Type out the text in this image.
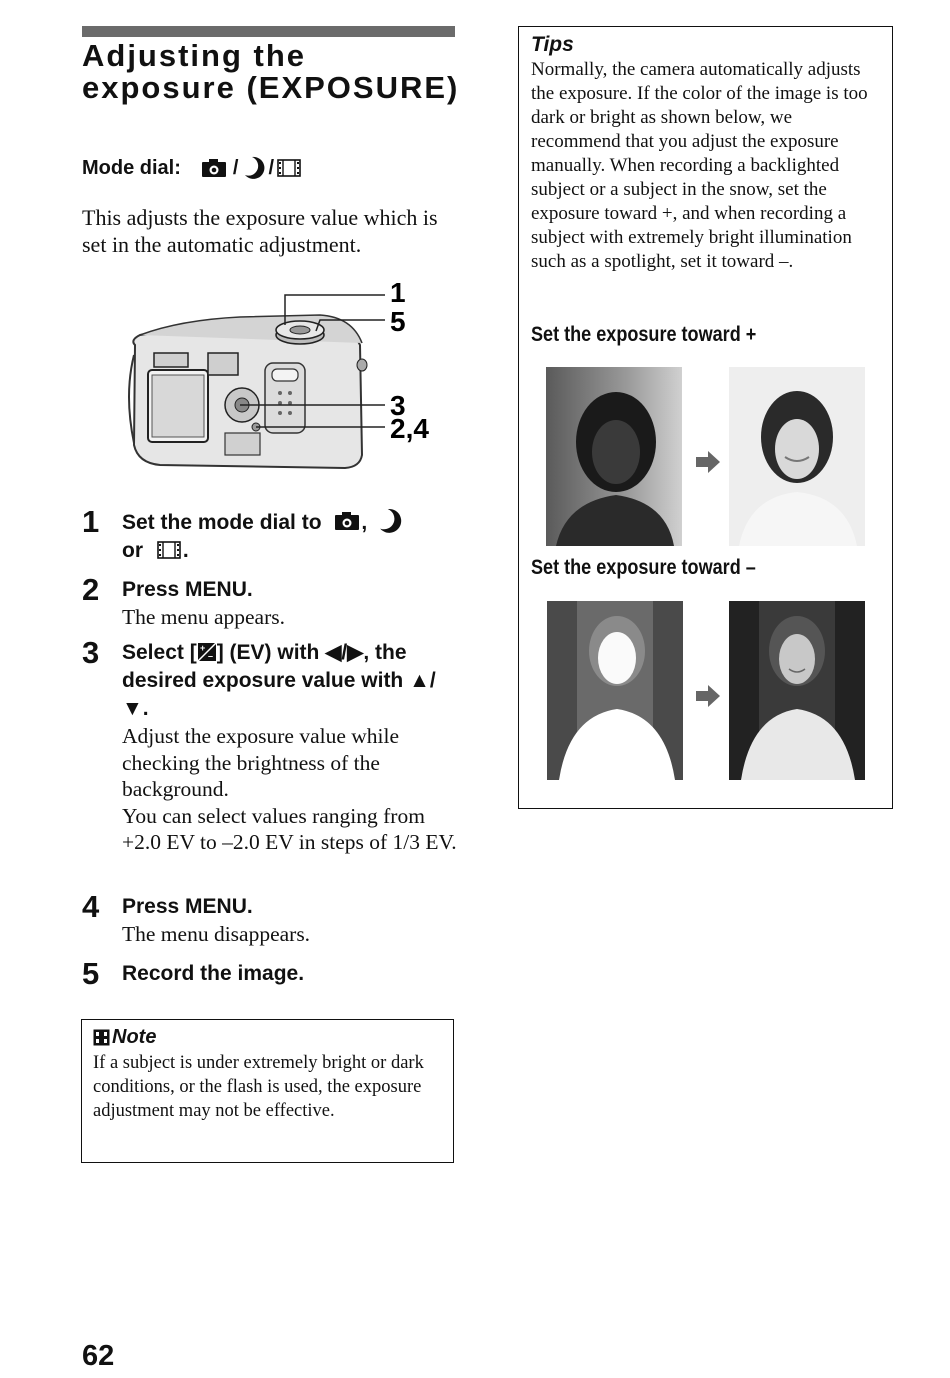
Adjusting the exposure (EXPOSURE)
Mode dial:	/ /
This adjusts the exposure value which is set in the automatic adjustment.
1
5
3
2,4
1 Set the mode dial to ,
or .
2 Press MENU.
The menu appears.
3 Select [ +
– ] (EV) with ◀/▶, the desired exposure value with ▲/▼.
Adjust the exposure value while checking the brightness of the background.
You can select values ranging from +2.0 EV to –2.0 EV in steps of 1/3 EV.
4 Press MENU.
The menu disappears.
5 Record the image.
Note
If a subject is under extremely bright or dark conditions, or the flash is used, the exposure adjustment may not be effective.
62
Tips
Normally, the camera automatically adjusts the exposure. If the color of the image is too dark or bright as shown below, we recommend that you adjust the exposure manually. When recording a backlighted subject or a subject in the snow, set the exposure toward +, and when recording a subject with extremely bright illumination such as a spotlight, set it toward –.
Set the exposure toward +
Set the exposure toward –
